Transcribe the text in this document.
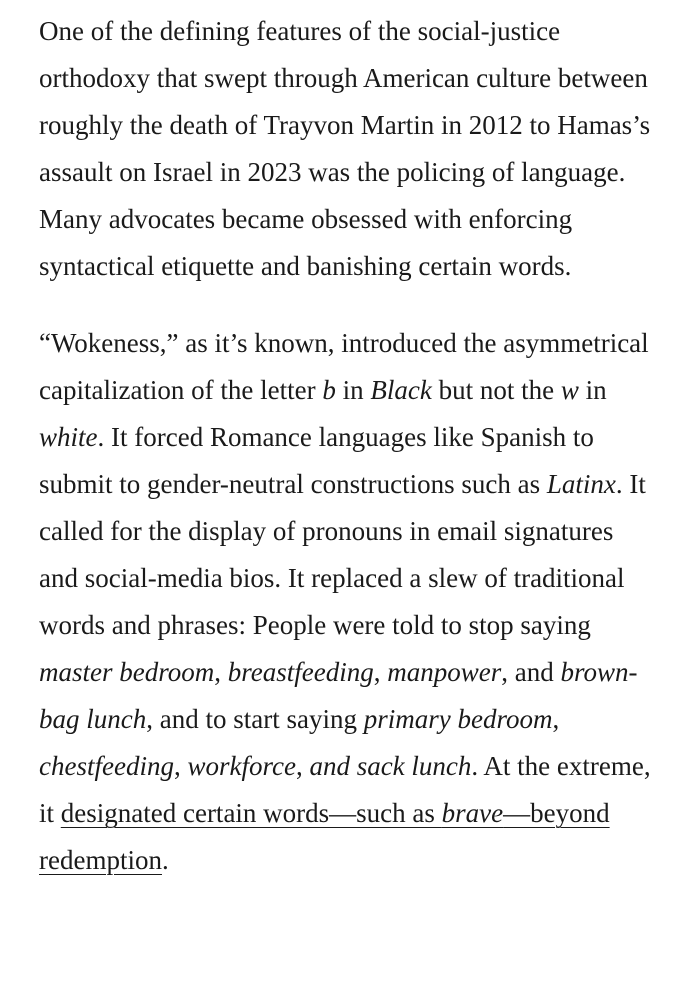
One of the defining features of the social-justice orthodoxy that swept through American culture between roughly the death of Trayvon Martin in 2012 to Hamas’s assault on Israel in 2023 was the policing of language. Many advocates became obsessed with enforcing syntactical etiquette and banishing certain words.

“Wokeness,” as it’s known, introduced the asymmetrical capitalization of the letter b in Black but not the w in white. It forced Romance languages like Spanish to submit to gender-neutral constructions such as Latinx. It called for the display of pronouns in email signatures and social-media bios. It replaced a slew of traditional words and phrases: People were told to stop saying master bedroom, breastfeeding, manpower, and brown-bag lunch, and to start saying primary bedroom, chestfeeding, workforce, and sack lunch. At the extreme, it designated certain words—such as brave—beyond redemption.
